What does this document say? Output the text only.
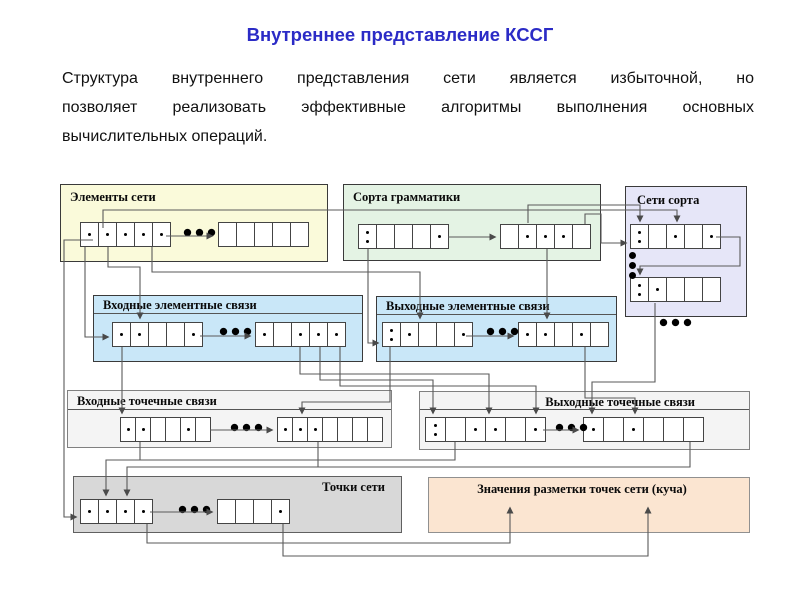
Внутреннее представление КССГ
Структура внутреннего представления сети является избыточной, но
позволяет реализовать эффективные алгоритмы выполнения основных
вычислительных операций.
Элементы сети	Сорта грамматики	Сети сорта
Входные элементные связи	Выходные элементные связи
Входные точечные связи	Выходные точечные связи
Точки сети	Значения разметки точек сети (куча)
